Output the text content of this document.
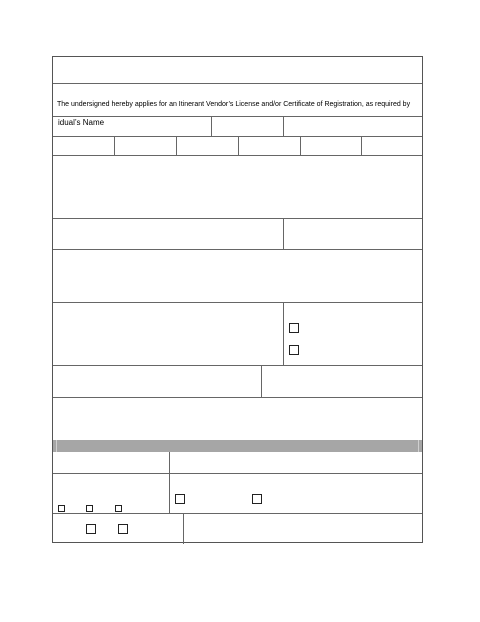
The undersigned hereby applies for an Itinerant Vendor’s License and/or Certificate of Registration, as required by
idual’s Name
